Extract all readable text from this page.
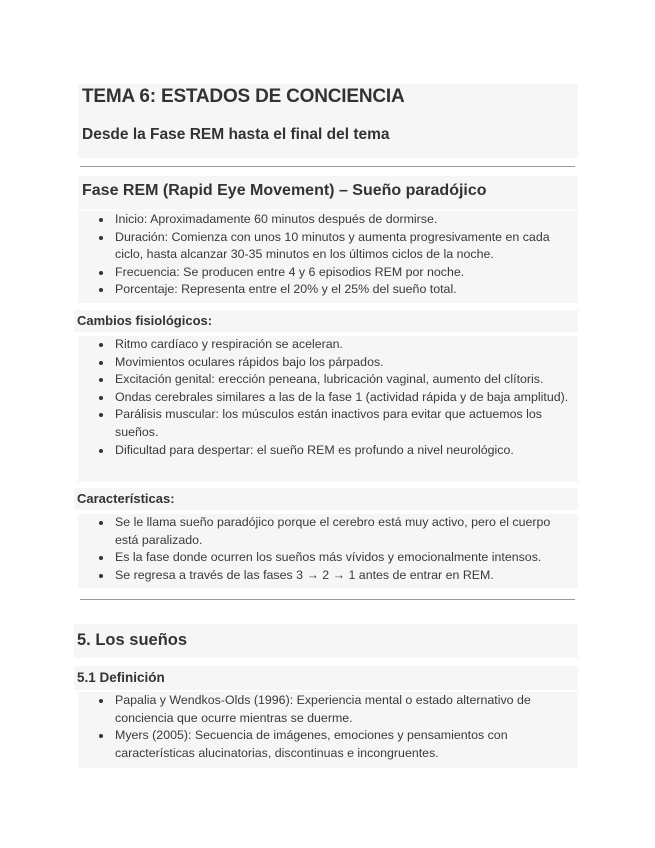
TEMA 6: ESTADOS DE CONCIENCIA
Desde la Fase REM hasta el final del tema
Fase REM (Rapid Eye Movement) – Sueño paradójico
Inicio: Aproximadamente 60 minutos después de dormirse.
Duración: Comienza con unos 10 minutos y aumenta progresivamente en cada ciclo, hasta alcanzar 30-35 minutos en los últimos ciclos de la noche.
Frecuencia: Se producen entre 4 y 6 episodios REM por noche.
Porcentaje: Representa entre el 20% y el 25% del sueño total.
Cambios fisiológicos:
Ritmo cardíaco y respiración se aceleran.
Movimientos oculares rápidos bajo los párpados.
Excitación genital: erección peneana, lubricación vaginal, aumento del clítoris.
Ondas cerebrales similares a las de la fase 1 (actividad rápida y de baja amplitud).
Parálisis muscular: los músculos están inactivos para evitar que actuemos los sueños.
Dificultad para despertar: el sueño REM es profundo a nivel neurológico.
Características:
Se le llama sueño paradójico porque el cerebro está muy activo, pero el cuerpo está paralizado.
Es la fase donde ocurren los sueños más vívidos y emocionalmente intensos.
Se regresa a través de las fases 3 → 2 → 1 antes de entrar en REM.
5. Los sueños
5.1 Definición
Papalia y Wendkos-Olds (1996): Experiencia mental o estado alternativo de conciencia que ocurre mientras se duerme.
Myers (2005): Secuencia de imágenes, emociones y pensamientos con características alucinatorias, discontinuas e incongruentes.
